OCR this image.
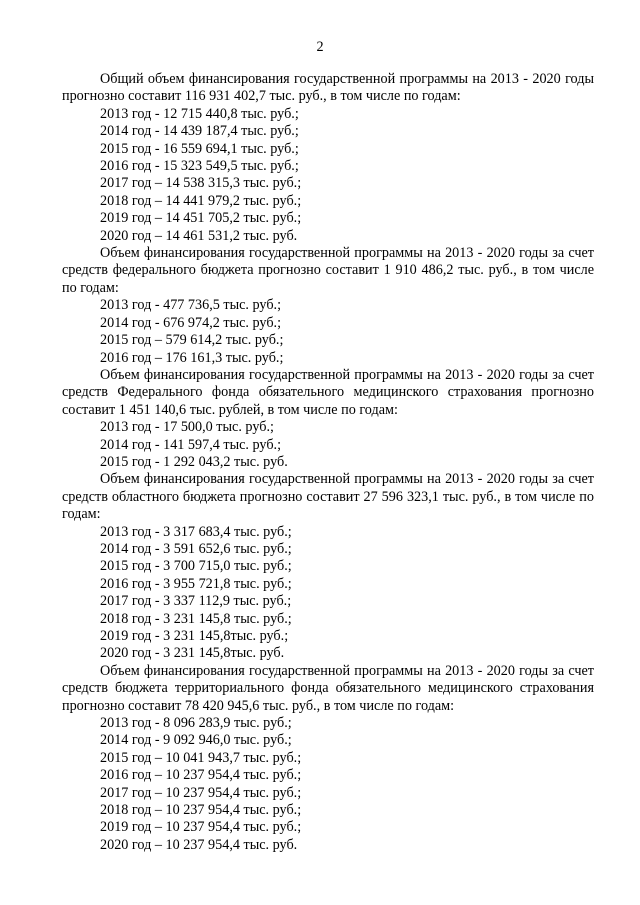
2

Общий объем финансирования государственной программы на 2013 - 2020 годы прогнозно составит 116 931 402,7 тыс. руб., в том числе по годам:

2013 год - 12 715 440,8 тыс. руб.;

2014 год - 14 439 187,4 тыс. руб.;

2015 год - 16 559 694,1 тыс. руб.;

2016 год - 15 323 549,5 тыс. руб.;

2017 год – 14 538 315,3 тыс. руб.;

2018 год – 14 441 979,2 тыс. руб.;

2019 год – 14 451 705,2 тыс. руб.;

2020 год – 14 461 531,2 тыс. руб.

Объем финансирования государственной программы на 2013 - 2020 годы за счет средств федерального бюджета прогнозно составит 1 910 486,2 тыс. руб., в том числе по годам:

2013 год - 477 736,5 тыс. руб.;

2014 год - 676 974,2 тыс. руб.;

2015 год – 579 614,2 тыс. руб.;

2016 год – 176 161,3 тыс. руб.;

Объем финансирования государственной программы на 2013 - 2020 годы за счет средств Федерального фонда обязательного медицинского страхования прогнозно составит 1 451 140,6 тыс. рублей, в том числе по годам:

2013 год - 17 500,0 тыс. руб.;

2014 год - 141 597,4 тыс. руб.;

2015 год - 1 292 043,2 тыс. руб.

Объем финансирования государственной программы на 2013 - 2020 годы за счет средств областного бюджета прогнозно составит 27 596 323,1 тыс. руб., в том числе по годам:

2013 год - 3 317 683,4 тыс. руб.;

2014 год - 3 591 652,6 тыс. руб.;

2015 год - 3 700 715,0 тыс. руб.;

2016 год - 3 955 721,8 тыс. руб.;

2017 год - 3 337 112,9 тыс. руб.;

2018 год - 3 231 145,8 тыс. руб.;

2019 год - 3 231 145,8тыс. руб.;

2020 год - 3 231 145,8тыс. руб.

Объем финансирования государственной программы на 2013 - 2020 годы за счет средств бюджета территориального фонда обязательного медицинского страхования прогнозно составит 78 420 945,6 тыс. руб., в том числе по годам:

2013 год - 8 096 283,9 тыс. руб.;

2014 год - 9 092 946,0 тыс. руб.;

2015 год – 10 041 943,7 тыс. руб.;

2016 год – 10 237 954,4 тыс. руб.;

2017 год – 10 237 954,4 тыс. руб.;

2018 год – 10 237 954,4 тыс. руб.;

2019 год – 10 237 954,4 тыс. руб.;

2020 год – 10 237 954,4 тыс. руб.
